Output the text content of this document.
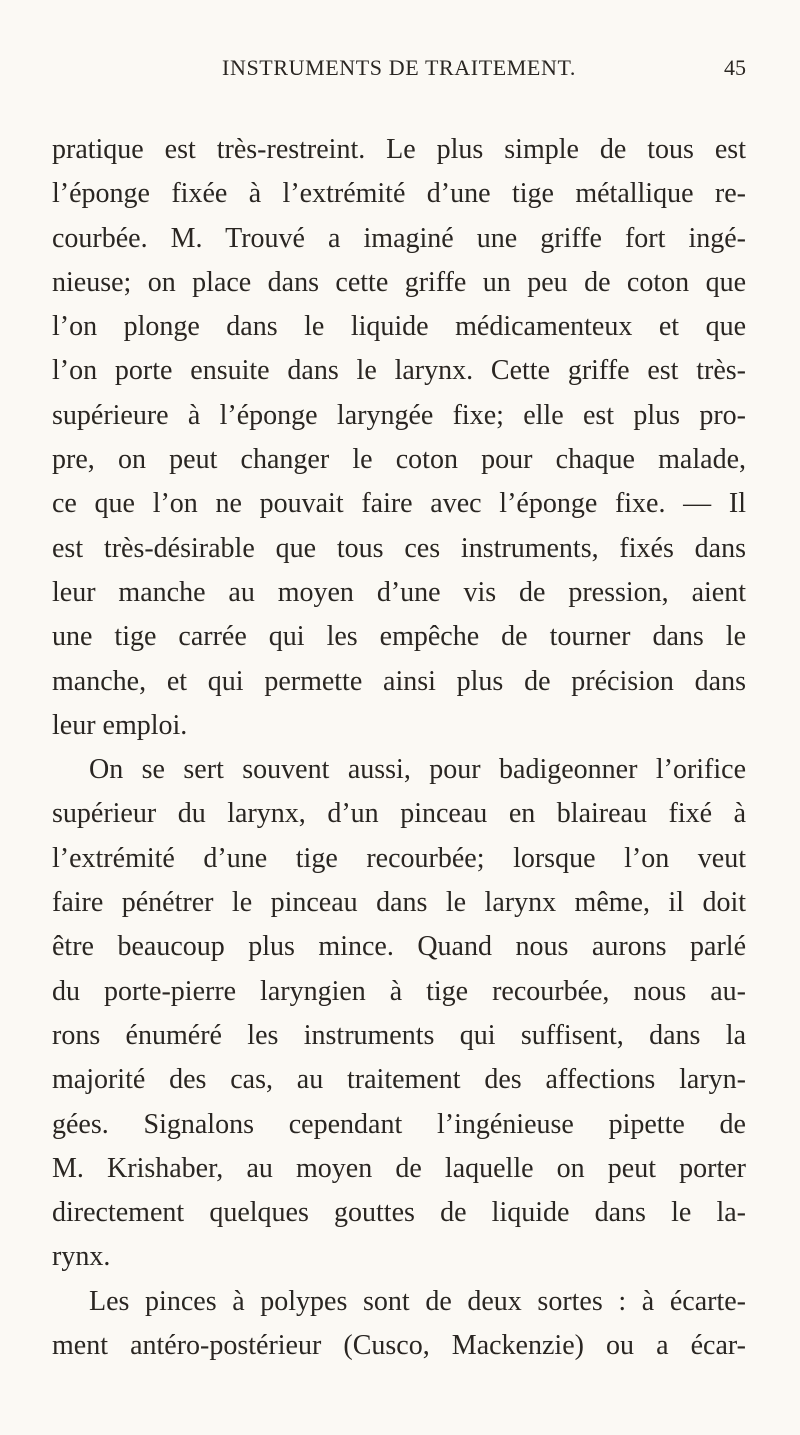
INSTRUMENTS DE TRAITEMENT.	45
pratique est très-restreint. Le plus simple de tous est
l’éponge fixée à l’extrémité d’une tige métallique re-
courbée. M. Trouvé a imaginé une griffe fort ingé-
nieuse; on place dans cette griffe un peu de coton que
l’on plonge dans le liquide médicamenteux et que
l’on porte ensuite dans le larynx. Cette griffe est très-
supérieure à l’éponge laryngée fixe; elle est plus pro-
pre, on peut changer le coton pour chaque malade,
ce que l’on ne pouvait faire avec l’éponge fixe. — Il
est très-désirable que tous ces instruments, fixés dans
leur manche au moyen d’une vis de pression, aient
une tige carrée qui les empêche de tourner dans le
manche, et qui permette ainsi plus de précision dans
leur emploi.
On se sert souvent aussi, pour badigeonner l’orifice
supérieur du larynx, d’un pinceau en blaireau fixé à
l’extrémité d’une tige recourbée; lorsque l’on veut
faire pénétrer le pinceau dans le larynx même, il doit
être beaucoup plus mince. Quand nous aurons parlé
du porte-pierre laryngien à tige recourbée, nous au-
rons énuméré les instruments qui suffisent, dans la
majorité des cas, au traitement des affections laryn-
gées. Signalons cependant l’ingénieuse pipette de
M. Krishaber, au moyen de laquelle on peut porter
directement quelques gouttes de liquide dans le la-
rynx.
Les pinces à polypes sont de deux sortes : à écarte-
ment antéro-postérieur (Cusco, Mackenzie) ou a écar-
